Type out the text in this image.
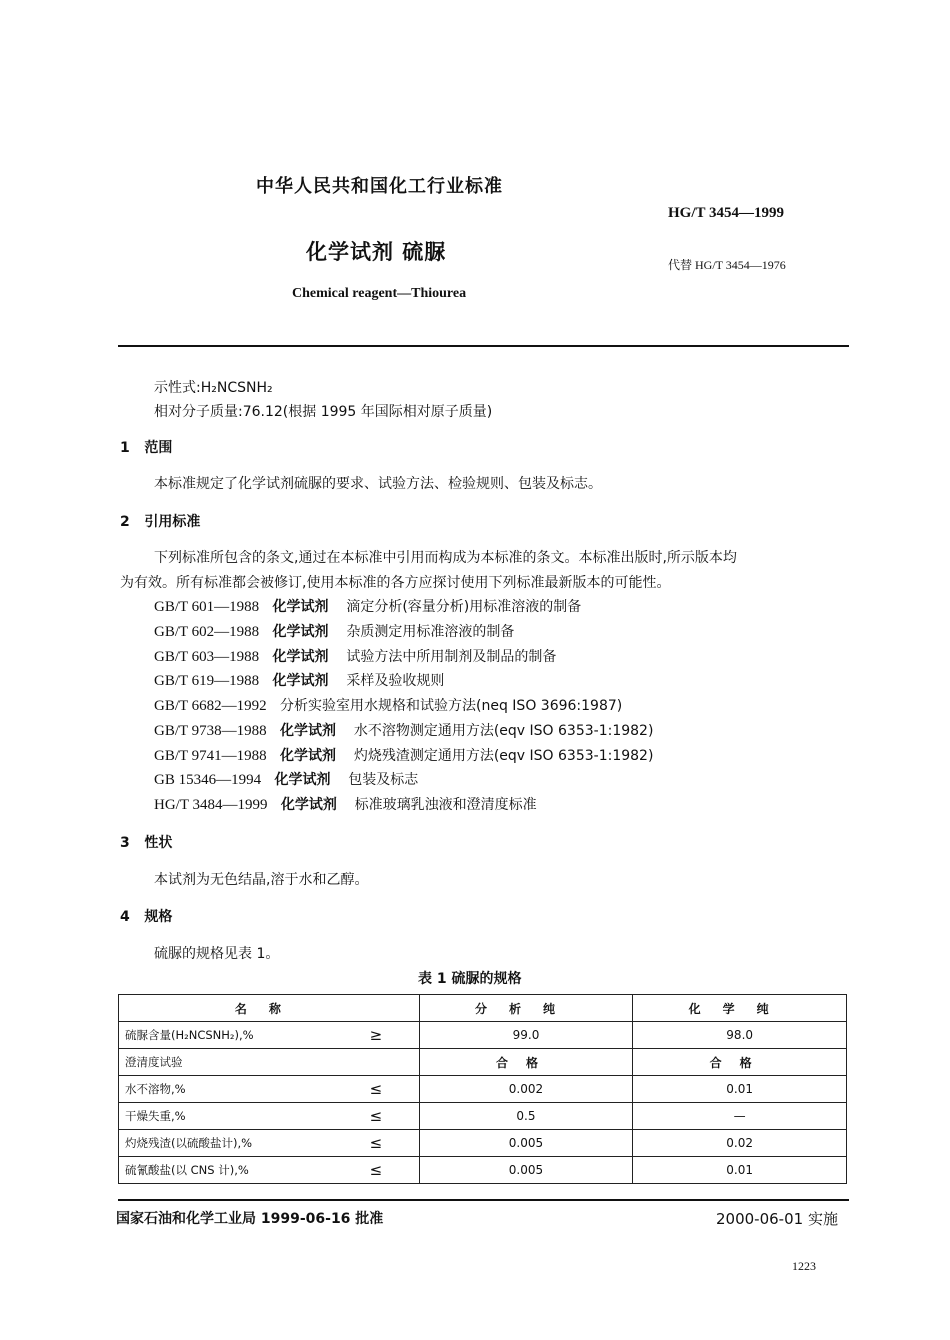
中华人民共和国化工行业标准
HG/T 3454—1999
化学试剂 硫脲
代替 HG/T 3454—1976
Chemical reagent—Thiourea
示性式:H₂NCSNH₂
相对分子质量:76.12(根据 1995 年国际相对原子质量)
1 范围
本标准规定了化学试剂硫脲的要求、试验方法、检验规则、包装及标志。
2 引用标准
下列标准所包含的条文,通过在本标准中引用而构成为本标准的条文。本标准出版时,所示版本均
为有效。所有标准都会被修订,使用本标准的各方应探讨使用下列标准最新版本的可能性。
GB/T 601—1988 化学试剂 滴定分析(容量分析)用标准溶液的制备
GB/T 602—1988 化学试剂 杂质测定用标准溶液的制备
GB/T 603—1988 化学试剂 试验方法中所用制剂及制品的制备
GB/T 619—1988 化学试剂 采样及验收规则
GB/T 6682—1992 分析实验室用水规格和试验方法(neq ISO 3696:1987)
GB/T 9738—1988 化学试剂 水不溶物测定通用方法(eqv ISO 6353-1:1982)
GB/T 9741—1988 化学试剂 灼烧残渣测定通用方法(eqv ISO 6353-1:1982)
GB 15346—1994 化学试剂 包装及标志
HG/T 3484—1999 化学试剂 标准玻璃乳浊液和澄清度标准
3 性状
本试剂为无色结晶,溶于水和乙醇。
4 规格
硫脲的规格见表 1。
表 1 硫脲的规格
名称		分析纯	化学纯
硫脲含量(H₂NCSNH₂),%	≥	99.0	98.0
澄清度试验		合格	合格
水不溶物,%	≤	0.002	0.01
干燥失重,%	≤	0.5	—
灼烧残渣(以硫酸盐计),%	≤	0.005	0.02
硫氰酸盐(以 CNS 计),%	≤	0.005	0.01
国家石油和化学工业局 1999-06-16 批准	2000-06-01 实施
1223
